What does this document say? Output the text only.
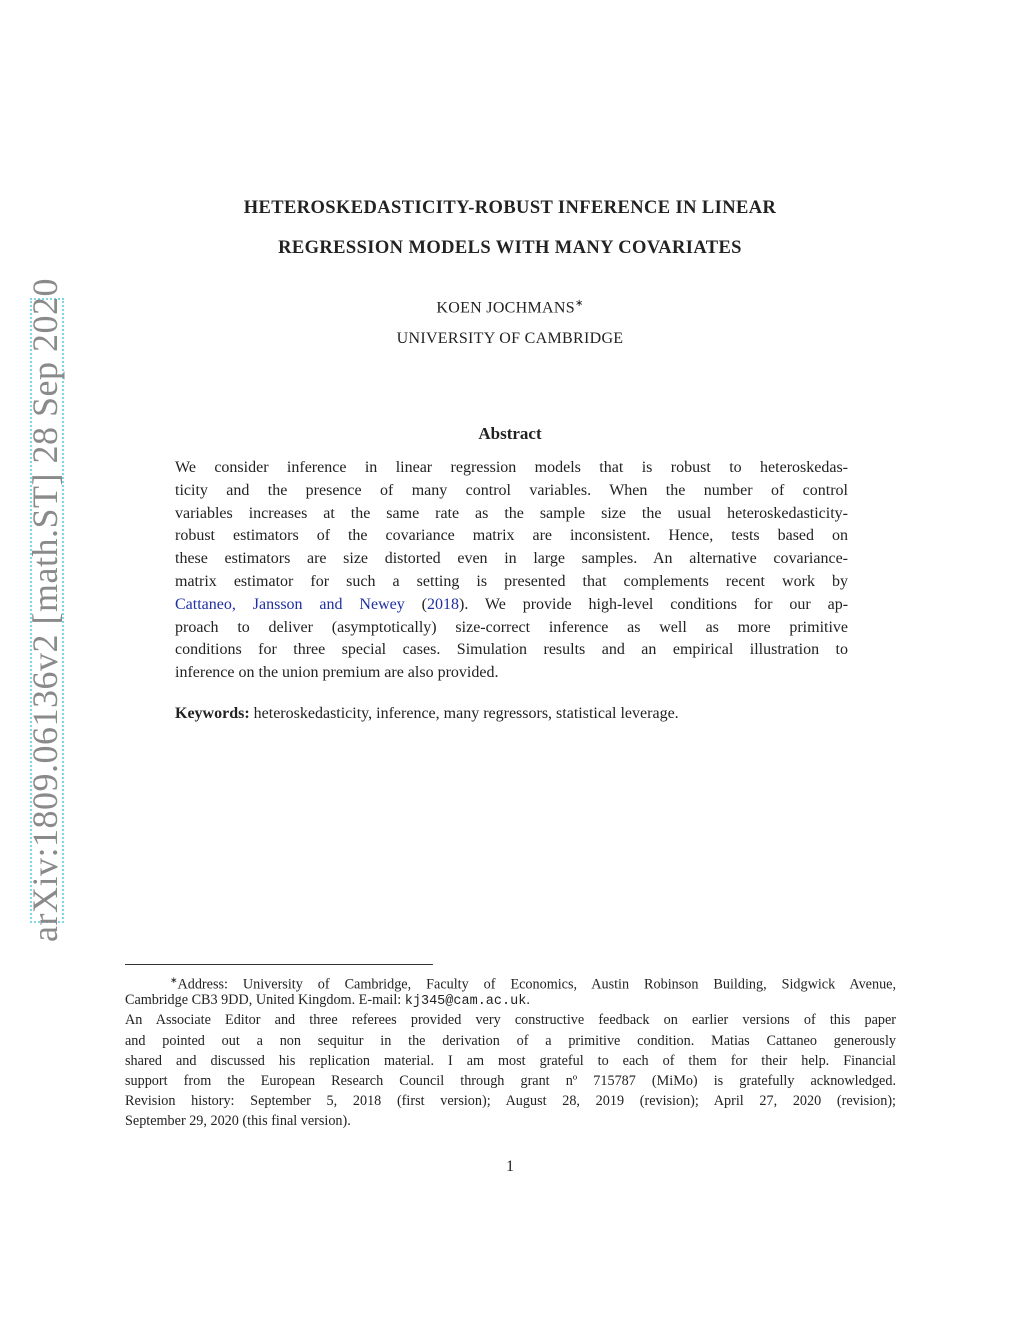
arXiv:1809.06136v2 [math.ST] 28 Sep 2020
HETEROSKEDASTICITY-ROBUST INFERENCE IN LINEAR
REGRESSION MODELS WITH MANY COVARIATES
KOEN JOCHMANS∗
UNIVERSITY OF CAMBRIDGE
Abstract
We consider inference in linear regression models that is robust to heteroskedas-
ticity and the presence of many control variables. When the number of control
variables increases at the same rate as the sample size the usual heteroskedasticity-
robust estimators of the covariance matrix are inconsistent. Hence, tests based on
these estimators are size distorted even in large samples. An alternative covariance-
matrix estimator for such a setting is presented that complements recent work by
Cattaneo, Jansson and Newey (2018). We provide high-level conditions for our ap-
proach to deliver (asymptotically) size-correct inference as well as more primitive
conditions for three special cases. Simulation results and an empirical illustration to
inference on the union premium are also provided.
Keywords: heteroskedasticity, inference, many regressors, statistical leverage.
∗Address: University of Cambridge, Faculty of Economics, Austin Robinson Building, Sidgwick Avenue,
Cambridge CB3 9DD, United Kingdom. E-mail: kj345@cam.ac.uk.
An Associate Editor and three referees provided very constructive feedback on earlier versions of this paper
and pointed out a non sequitur in the derivation of a primitive condition. Matias Cattaneo generously
shared and discussed his replication material. I am most grateful to each of them for their help. Financial
support from the European Research Council through grant nº 715787 (MiMo) is gratefully acknowledged.
Revision history: September 5, 2018 (first version); August 28, 2019 (revision); April 27, 2020 (revision);
September 29, 2020 (this final version).
1
